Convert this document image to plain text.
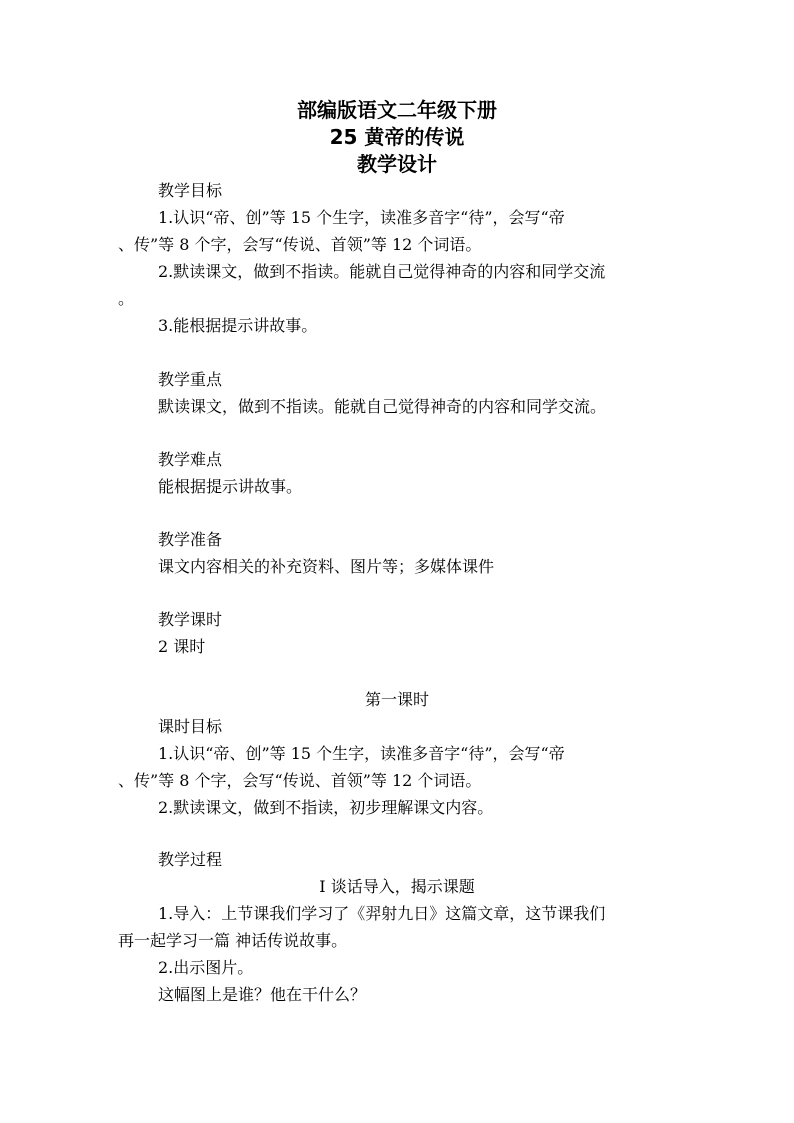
部编版语文二年级下册
25 黄帝的传说
教学设计
教学目标
1.认识“帝、创”等 15 个生字，读准多音字“待”，会写“帝
、传”等 8 个字，会写“传说、首领”等 12 个词语。
2.默读课文，做到不指读。能就自己觉得神奇的内容和同学交流
。
3.能根据提示讲故事。
教学重点
默读课文，做到不指读。能就自己觉得神奇的内容和同学交流。
教学难点
能根据提示讲故事。
教学准备
课文内容相关的补充资料、图片等；多媒体课件
教学课时
2 课时
第一课时
课时目标
1.认识“帝、创”等 15 个生字，读准多音字“待”，会写“帝
、传”等 8 个字，会写“传说、首领”等 12 个词语。
2.默读课文，做到不指读，初步理解课文内容。
教学过程
Ⅰ 谈话导入，揭示课题
1.导入：上节课我们学习了《羿射九日》这篇文章，这节课我们
再一起学习一篇 神话传说故事。
2.出示图片。
这幅图上是谁？他在干什么？
